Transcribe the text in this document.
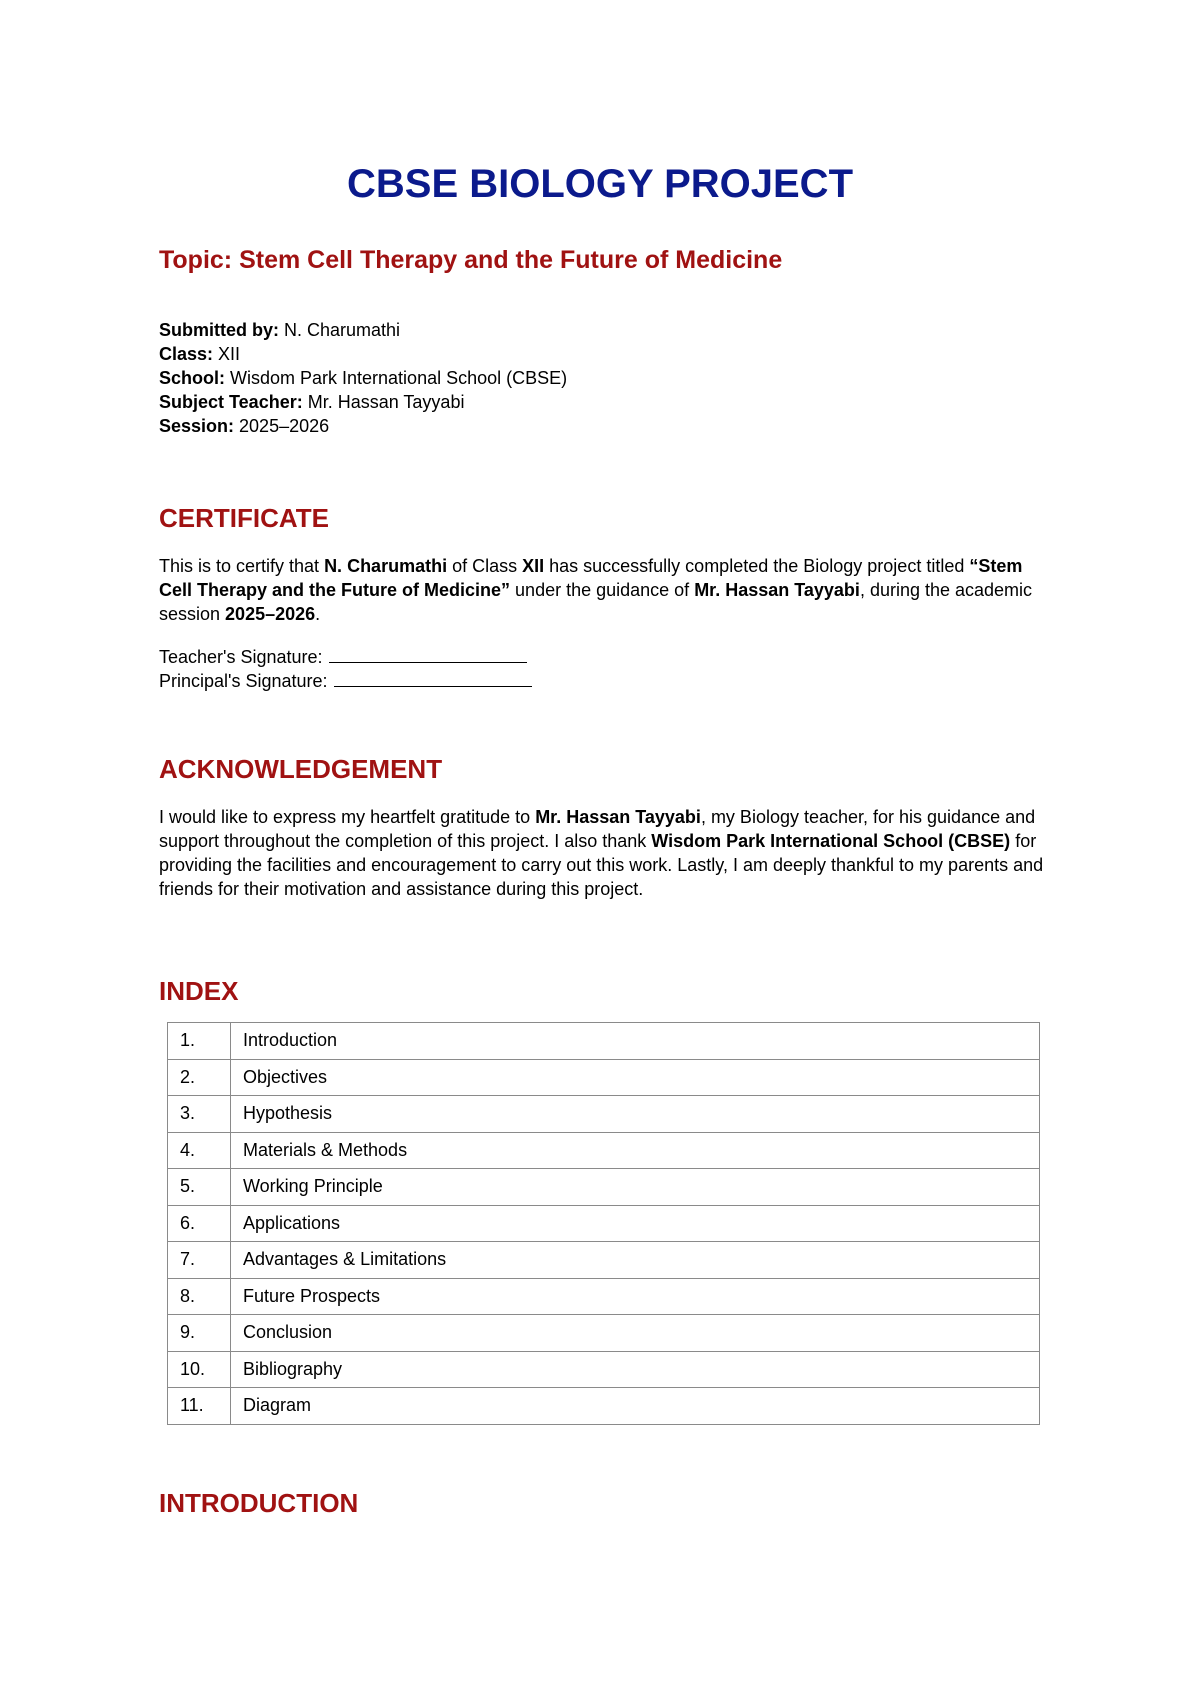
CBSE BIOLOGY PROJECT
Topic: Stem Cell Therapy and the Future of Medicine
Submitted by: N. Charumathi
Class: XII
School: Wisdom Park International School (CBSE)
Subject Teacher: Mr. Hassan Tayyabi
Session: 2025–2026
CERTIFICATE

This is to certify that N. Charumathi of Class XII has successfully completed the Biology project titled “Stem Cell Therapy and the Future of Medicine” under the guidance of Mr. Hassan Tayyabi, during the academic session 2025–2026.

Teacher's Signature:
Principal's Signature:
ACKNOWLEDGEMENT

I would like to express my heartfelt gratitude to Mr. Hassan Tayyabi, my Biology teacher, for his guidance and support throughout the completion of this project. I also thank Wisdom Park International School (CBSE) for providing the facilities and encouragement to carry out this work. Lastly, I am deeply thankful to my parents and friends for their motivation and assistance during this project.

INDEX
1.	Introduction
2.	Objectives
3.	Hypothesis
4.	Materials & Methods
5.	Working Principle
6.	Applications
7.	Advantages & Limitations
8.	Future Prospects
9.	Conclusion
10.	Bibliography
11.	Diagram
INTRODUCTION
